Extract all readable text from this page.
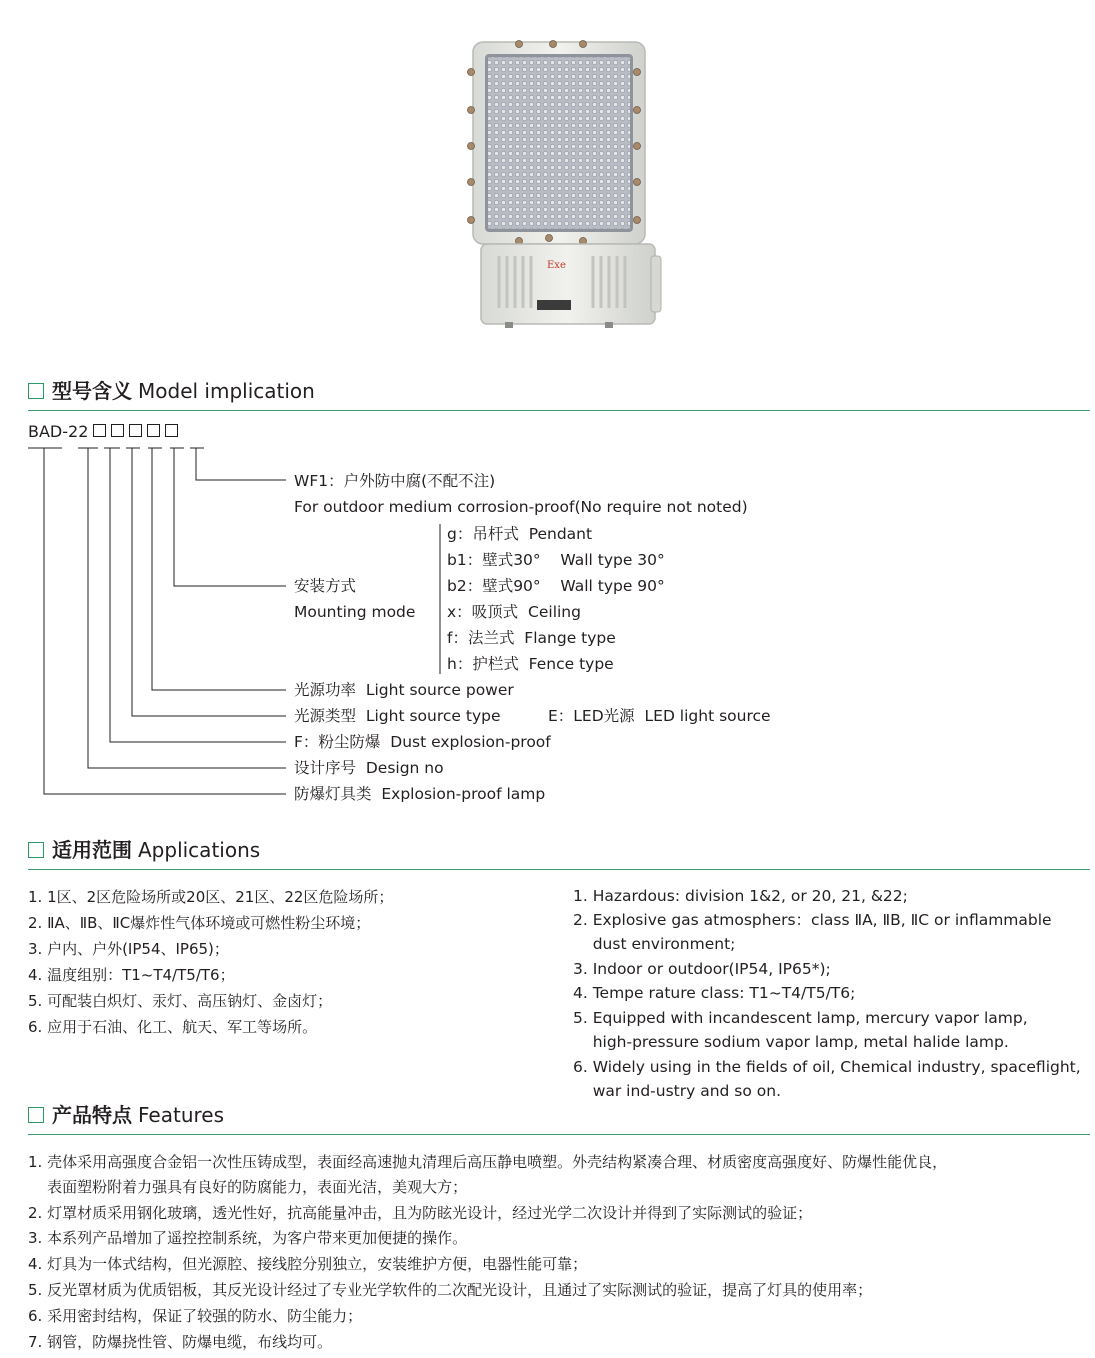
Exe
型号含义 Model implication
BAD-22
WF1：户外防中腐(不配不注)
For outdoor medium corrosion-proof(No require not noted)
安装方式
Mounting mode
g：吊杆式  Pendant
b1：壁式30°    Wall type 30°
b2：壁式90°    Wall type 90°
x：吸顶式  Ceiling
f：法兰式  Flange type
h：护栏式  Fence type
光源功率  Light source power
光源类型  Light source type	E：LED光源  LED light source
F：粉尘防爆  Dust explosion-proof
设计序号  Design no
防爆灯具类  Explosion-proof lamp
适用范围 Applications
1. 1区、2区危险场所或20区、21区、22区危险场所；
2. ⅡA、ⅡB、ⅡC爆炸性气体环境或可燃性粉尘环境；
3. 户内、户外(IP54、IP65)；
4. 温度组别：T1~T4/T5/T6；
5. 可配装白炽灯、汞灯、高压钠灯、金卤灯；
6. 应用于石油、化工、航天、军工等场所。
1. Hazardous: division 1&2, or 20, 21, &22;
2. Explosive gas atmosphers：class ⅡA, ⅡB, ⅡC or inflammable
dust environment;
3. Indoor or outdoor(IP54, IP65*);
4. Tempe rature class: T1~T4/T5/T6;
5. Equipped with incandescent lamp, mercury vapor lamp,
high-pressure sodium vapor lamp, metal halide lamp.
6. Widely using in the fields of oil, Chemical industry, spaceflight,
war ind-ustry and so on.
产品特点 Features
1. 壳体采用高强度合金铝一次性压铸成型，表面经高速抛丸清理后高压静电喷塑。外壳结构紧凑合理、材质密度高强度好、防爆性能优良，
表面塑粉附着力强具有良好的防腐能力，表面光洁，美观大方；
2. 灯罩材质采用钢化玻璃，透光性好，抗高能量冲击，且为防眩光设计，经过光学二次设计并得到了实际测试的验证；
3. 本系列产品增加了遥控控制系统，为客户带来更加便捷的操作。
4. 灯具为一体式结构，但光源腔、接线腔分别独立，安装维护方便，电器性能可靠；
5. 反光罩材质为优质铝板，其反光设计经过了专业光学软件的二次配光设计，且通过了实际测试的验证，提高了灯具的使用率；
6. 采用密封结构，保证了较强的防水、防尘能力；
7. 钢管，防爆挠性管、防爆电缆，布线均可。
